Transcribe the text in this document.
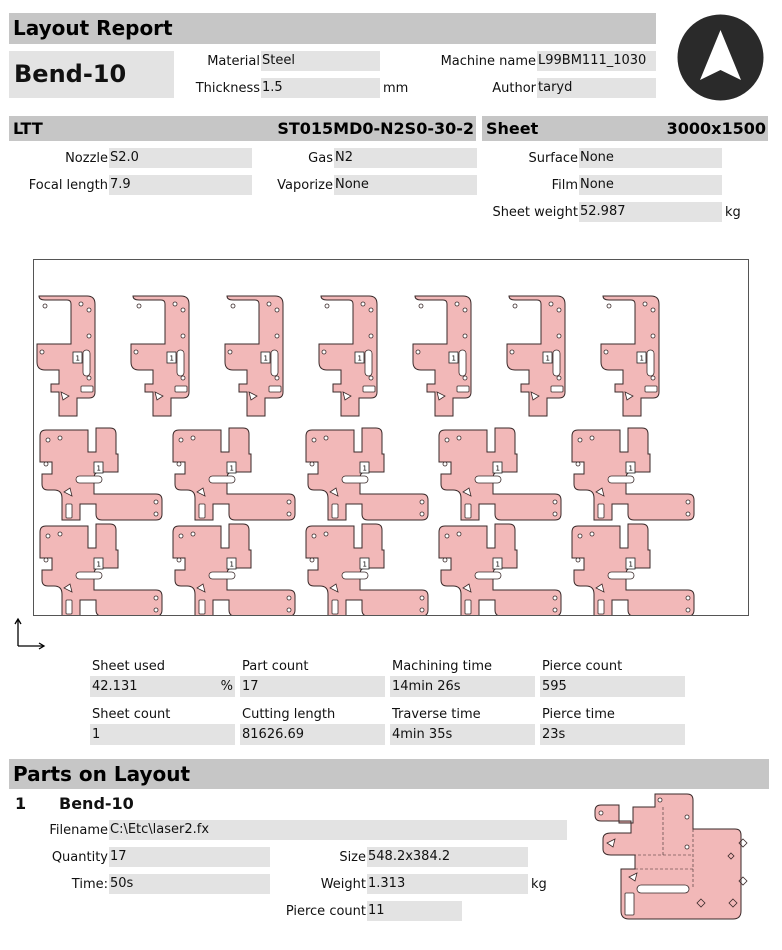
Layout Report
Bend-10	Material Steel
Thickness 1.5	mm
Machine name L99BM111_1030
Author taryd
LTT	ST015MD0-N2S0-30-2 Sheet	3000x1500
Nozzle S2.0
Focal length 7.9
Gas N2
Vaporize None
Surface None
Film None
Sheet weight 52.987	kg
Sheet used
42.131	%
Part count
17
Machining time
14min 26s
Pierce count
595
Sheet count
1
Cutting length
81626.69
Traverse time
4min 35s
Pierce time
23s
Parts on Layout
1 Bend-10
Filename C:\Etc\laser2.fx
Quantity 17
Time: 50s
Size 548.2x384.2
Weight 1.313	kg
Pierce count 11
